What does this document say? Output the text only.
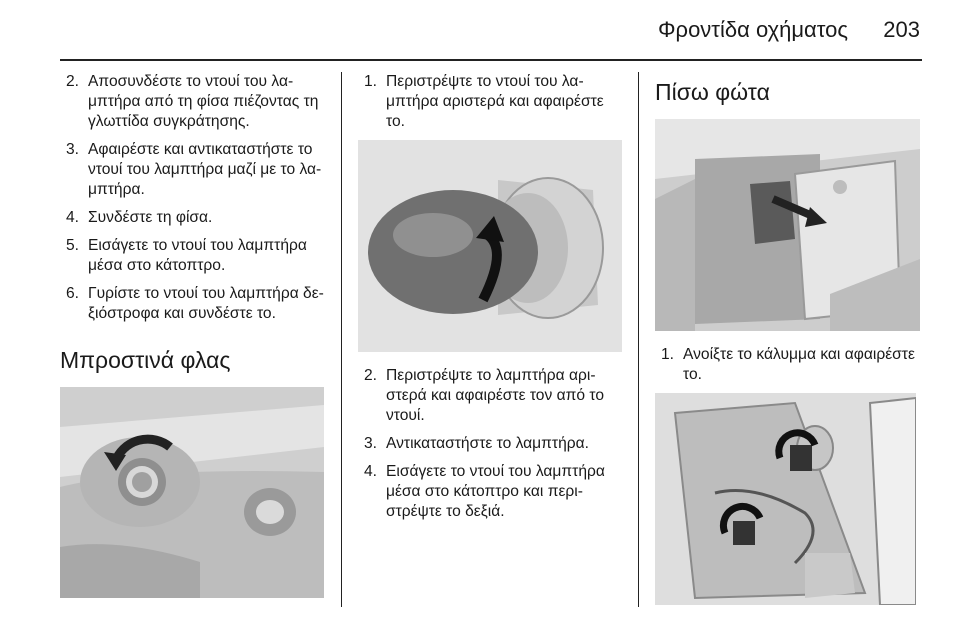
Φροντίδα οχήματος 203
2. Αποσυνδέστε το ντουί του λαμπτήρα από τη φίσα πιέζοντας τη γλωττίδα συγκράτησης.
3. Αφαιρέστε και αντικαταστήστε το ντουί του λαμπτήρα μαζί με το λαμπτήρα.
4. Συνδέστε τη φίσα.
5. Εισάγετε το ντουί του λαμπτήρα μέσα στο κάτοπτρο.
6. Γυρίστε το ντουί του λαμπτήρα δεξιόστροφα και συνδέστε το.
Μπροστινά φλας
1. Περιστρέψτε το ντουί του λαμπτήρα αριστερά και αφαιρέστε το.
2. Περιστρέψτε το λαμπτήρα αριστερά και αφαιρέστε τον από το ντουί.
3. Αντικαταστήστε το λαμπτήρα.
4. Εισάγετε το ντουί του λαμπτήρα μέσα στο κάτοπτρο και περιστρέψτε το δεξιά.
Πίσω φώτα
1. Ανοίξτε το κάλυμμα και αφαιρέστε το.
